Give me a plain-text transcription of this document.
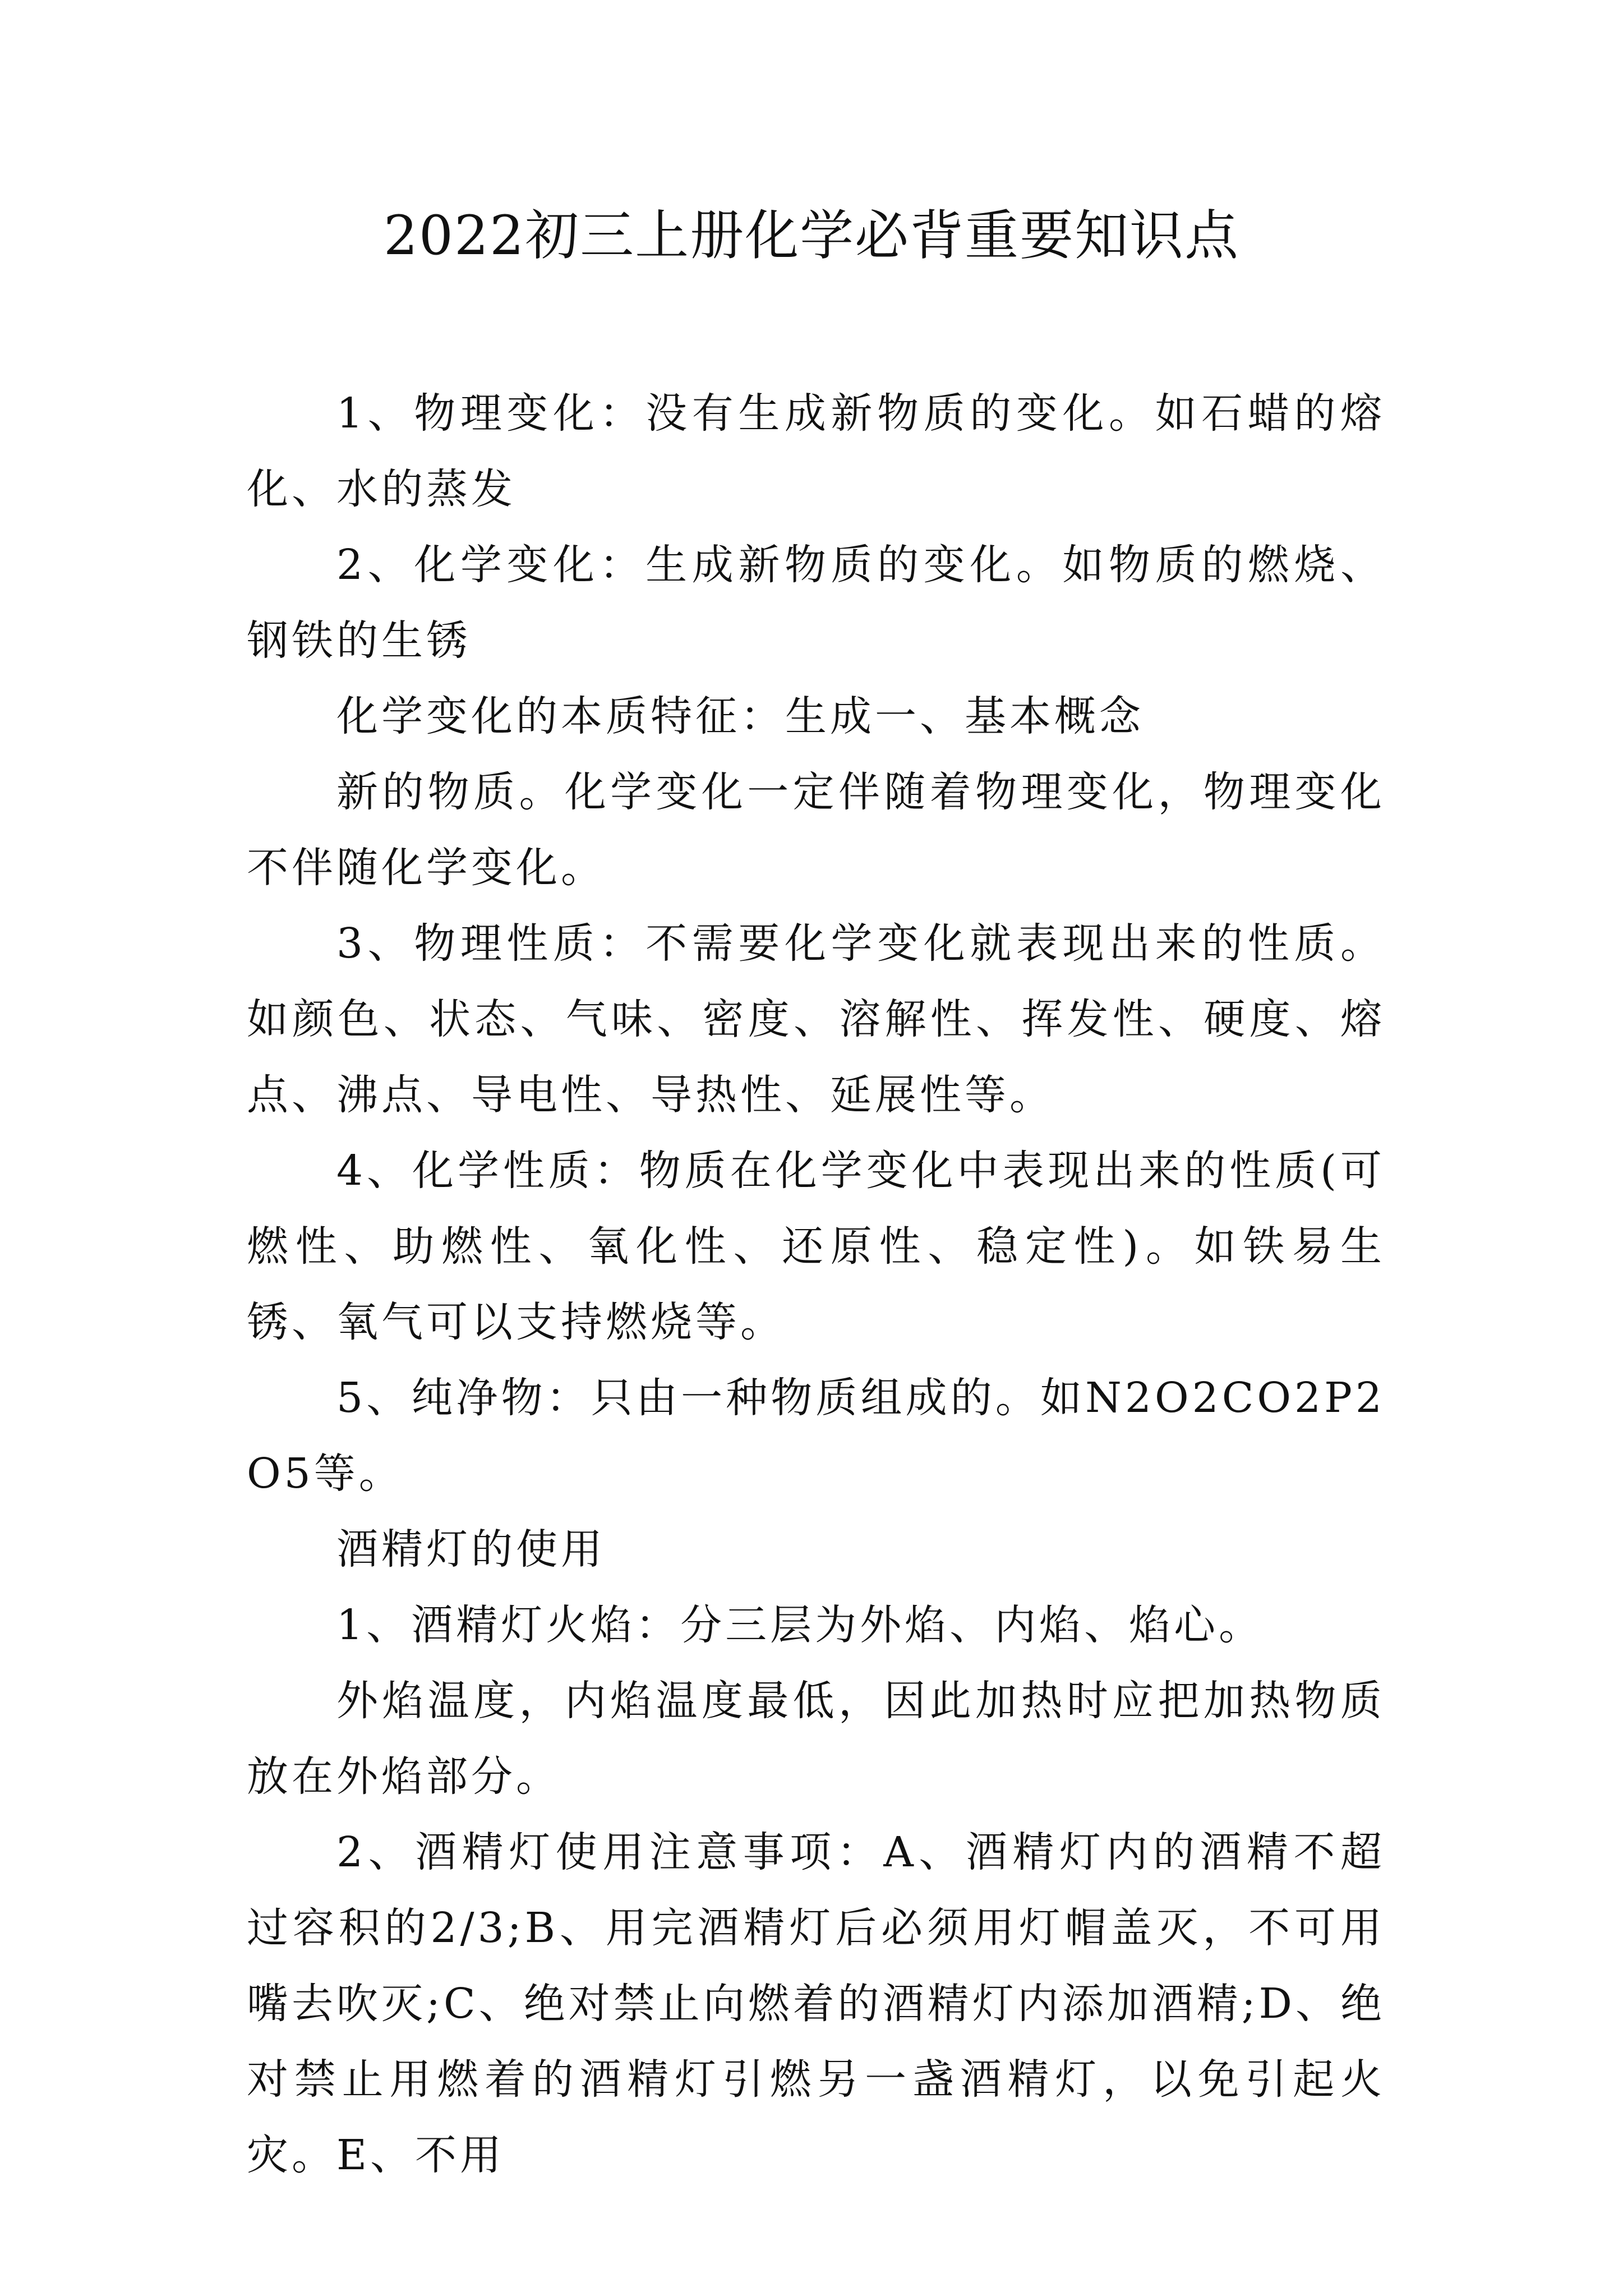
2022初三上册化学必背重要知识点

1、物理变化：没有生成新物质的变化。如石蜡的熔化、水的蒸发

2、化学变化：生成新物质的变化。如物质的燃烧、钢铁的生锈

化学变化的本质特征：生成一、基本概念

新的物质。化学变化一定伴随着物理变化，物理变化不伴随化学变化。

3、物理性质：不需要化学变化就表现出来的性质。如颜色、状态、气味、密度、溶解性、挥发性、硬度、熔点、沸点、导电性、导热性、延展性等。

4、化学性质：物质在化学变化中表现出来的性质(可燃性、助燃性、氧化性、还原性、稳定性)。如铁易生锈、氧气可以支持燃烧等。

5、纯净物：只由一种物质组成的。如N2O2CO2P2O5等。

酒精灯的使用

1、酒精灯火焰：分三层为外焰、内焰、焰心。

外焰温度，内焰温度最低，因此加热时应把加热物质放在外焰部分。

2、酒精灯使用注意事项：A、酒精灯内的酒精不超过容积的2/3;B、用完酒精灯后必须用灯帽盖灭，不可用嘴去吹灭;C、绝对禁止向燃着的酒精灯内添加酒精;D、绝对禁止用燃着的酒精灯引燃另一盏酒精灯，以免引起火灾。E、不用
